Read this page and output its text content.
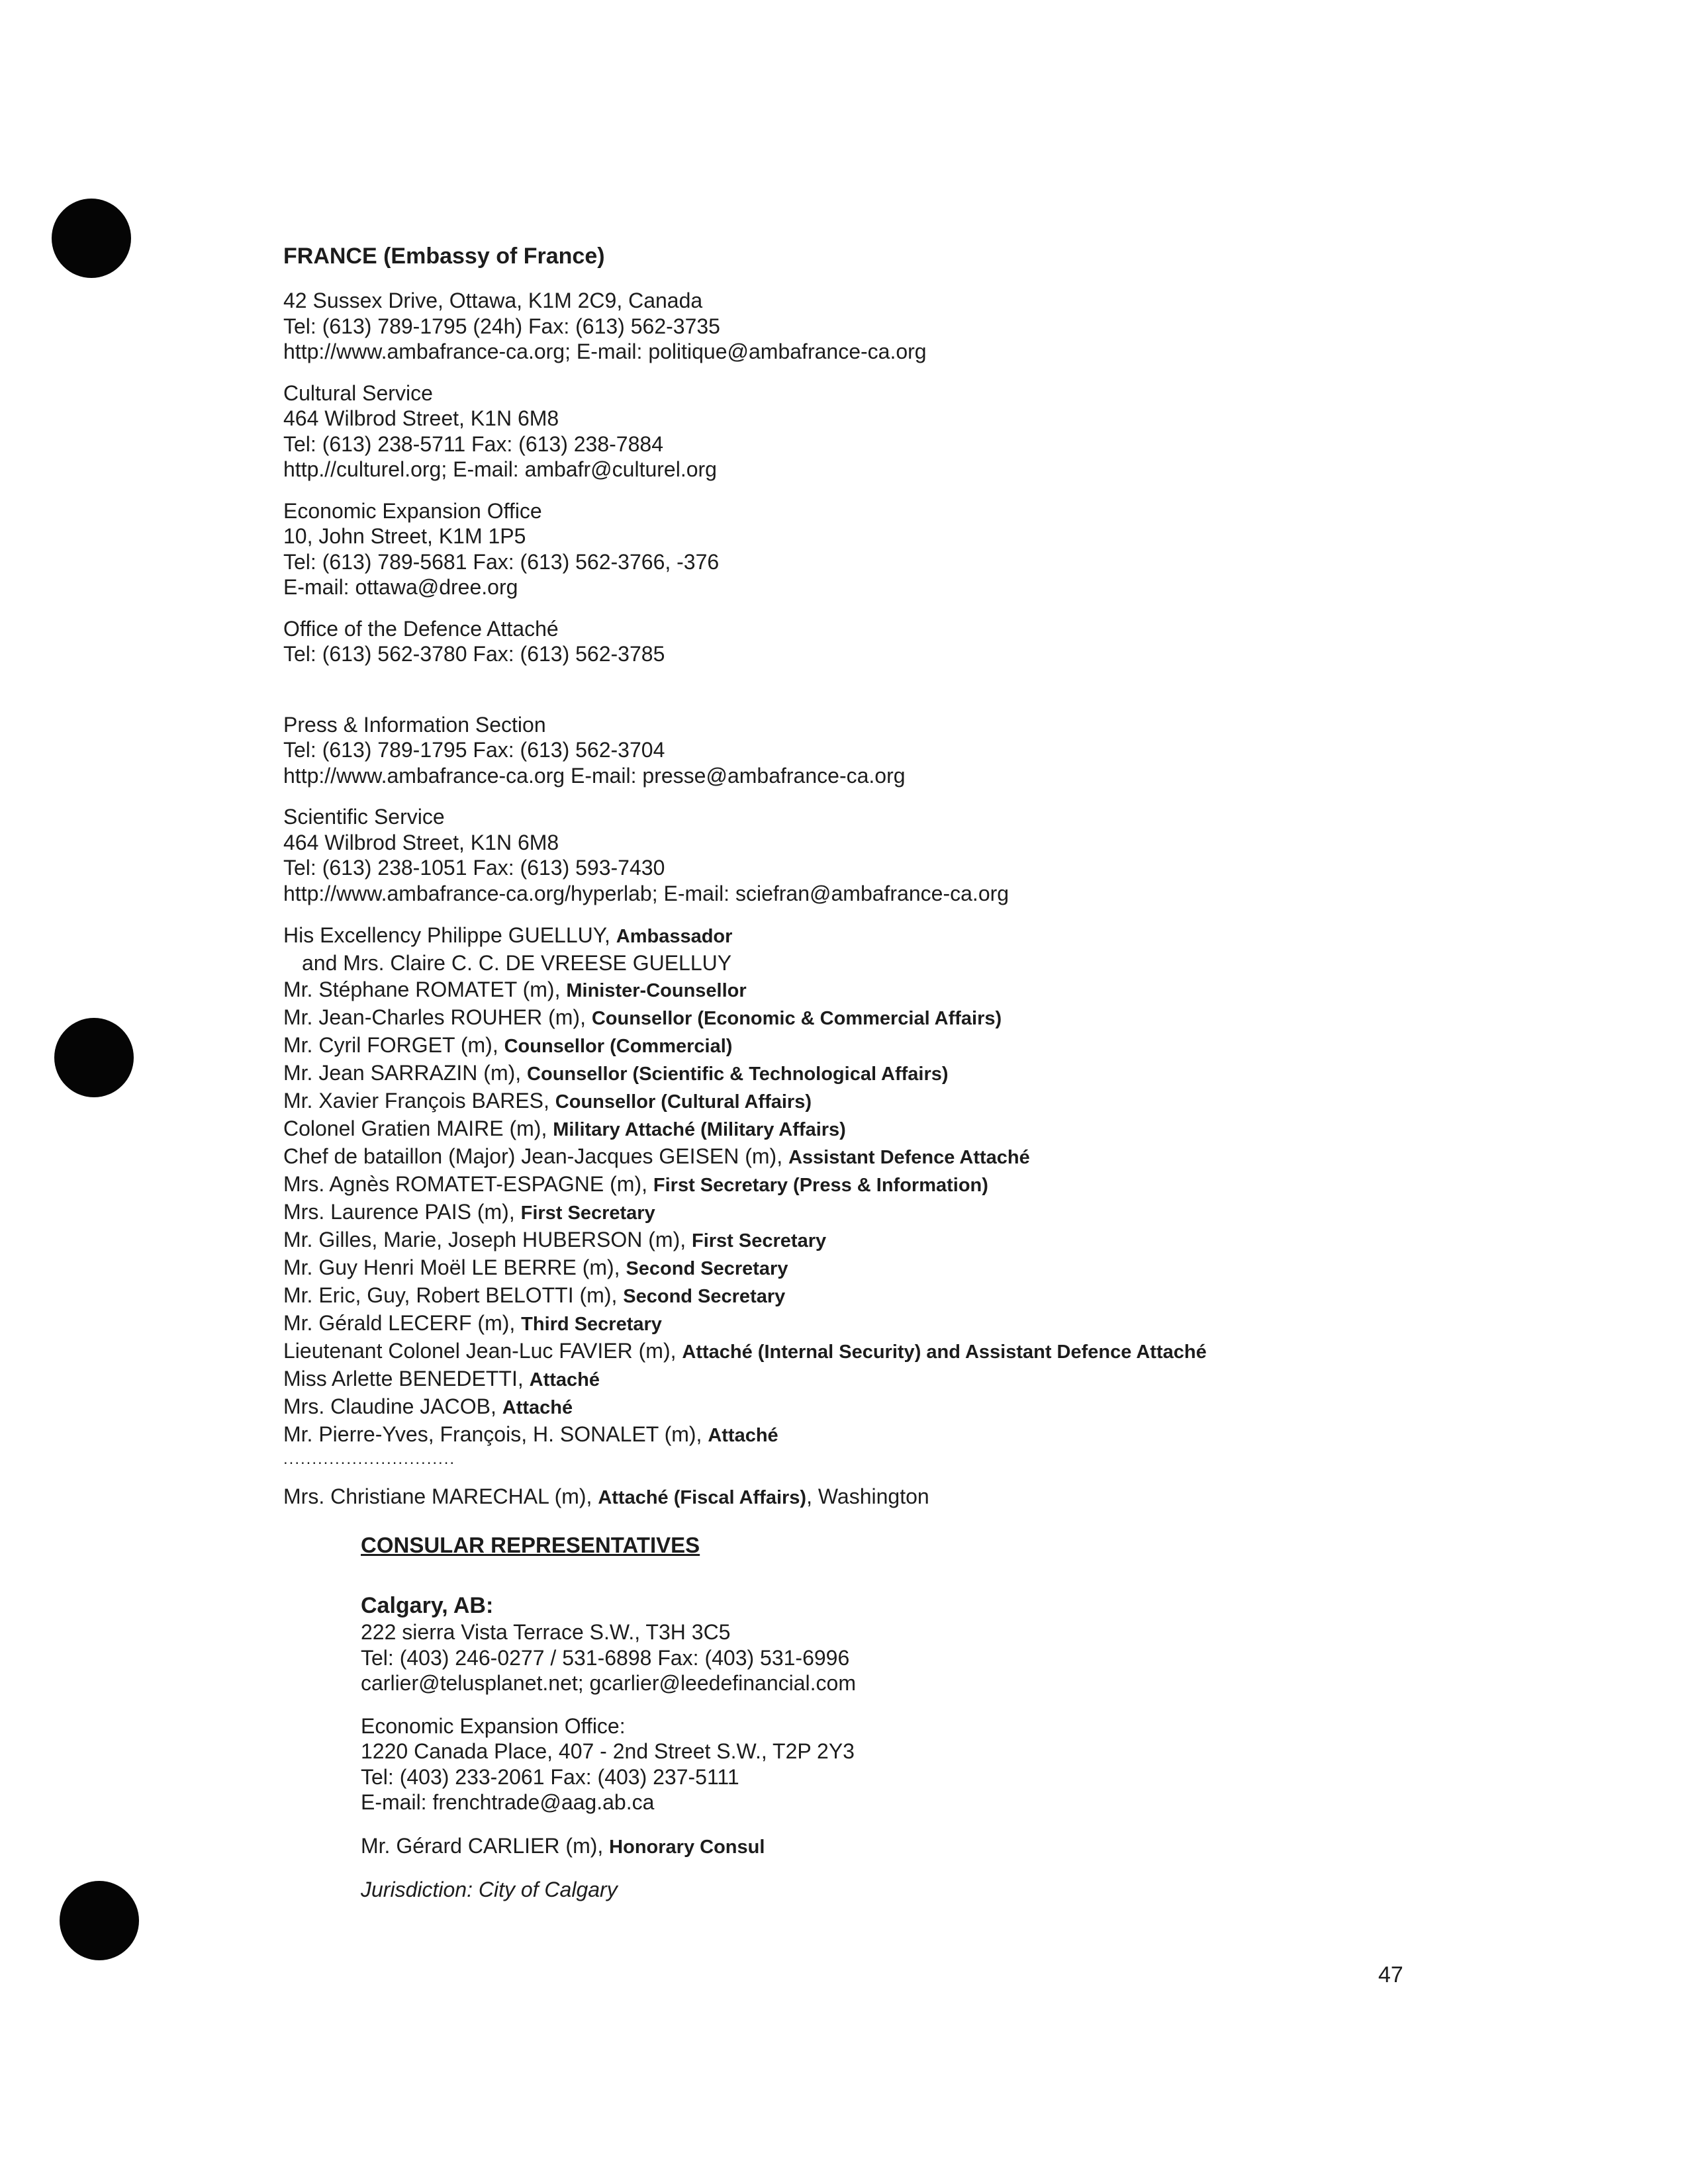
FRANCE (Embassy of France)
42 Sussex Drive, Ottawa, K1M 2C9, Canada
Tel: (613) 789-1795 (24h) Fax: (613) 562-3735
http://www.ambafrance-ca.org; E-mail: politique@ambafrance-ca.org
Cultural Service
464 Wilbrod Street, K1N 6M8
Tel: (613) 238-5711 Fax: (613) 238-7884
http.//culturel.org; E-mail: ambafr@culturel.org
Economic Expansion Office
10, John Street, K1M 1P5
Tel: (613) 789-5681 Fax: (613) 562-3766, -376
E-mail: ottawa@dree.org
Office of the Defence Attaché
Tel: (613) 562-3780 Fax: (613) 562-3785
Press & Information Section
Tel: (613) 789-1795 Fax: (613) 562-3704
http://www.ambafrance-ca.org E-mail: presse@ambafrance-ca.org
Scientific Service
464 Wilbrod Street, K1N 6M8
Tel: (613) 238-1051 Fax: (613) 593-7430
http://www.ambafrance-ca.org/hyperlab; E-mail: sciefran@ambafrance-ca.org
His Excellency Philippe GUELLUY, Ambassador
and Mrs. Claire C. C. DE VREESE GUELLUY
Mr. Stéphane ROMATET (m), Minister-Counsellor
Mr. Jean-Charles ROUHER (m), Counsellor (Economic & Commercial Affairs)
Mr. Cyril FORGET (m), Counsellor (Commercial)
Mr. Jean SARRAZIN (m), Counsellor (Scientific & Technological Affairs)
Mr. Xavier François BARES, Counsellor (Cultural Affairs)
Colonel Gratien MAIRE (m), Military Attaché (Military Affairs)
Chef de bataillon (Major) Jean-Jacques GEISEN (m), Assistant Defence Attaché
Mrs. Agnès ROMATET-ESPAGNE (m), First Secretary (Press & Information)
Mrs. Laurence PAIS (m), First Secretary
Mr. Gilles, Marie, Joseph HUBERSON (m), First Secretary
Mr. Guy Henri Moël LE BERRE (m), Second Secretary
Mr. Eric, Guy, Robert BELOTTI (m), Second Secretary
Mr. Gérald LECERF (m), Third Secretary
Lieutenant Colonel Jean-Luc FAVIER (m), Attaché (Internal Security) and Assistant Defence Attaché
Miss Arlette BENEDETTI, Attaché
Mrs. Claudine JACOB, Attaché
Mr. Pierre-Yves, François, H. SONALET (m), Attaché
..............................
Mrs. Christiane MARECHAL (m), Attaché (Fiscal Affairs), Washington
CONSULAR REPRESENTATIVES
Calgary, AB:
222 sierra Vista Terrace S.W., T3H 3C5
Tel: (403) 246-0277 / 531-6898 Fax: (403) 531-6996
carlier@telusplanet.net; gcarlier@leedefinancial.com
Economic Expansion Office:
1220 Canada Place, 407 - 2nd Street S.W., T2P 2Y3
Tel: (403) 233-2061 Fax: (403) 237-5111
E-mail: frenchtrade@aag.ab.ca
Mr. Gérard CARLIER (m), Honorary Consul
Jurisdiction: City of Calgary
47
